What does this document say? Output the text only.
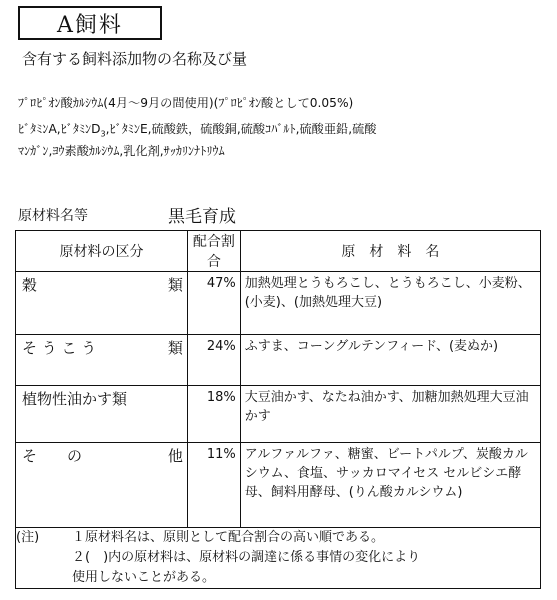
A飼料
含有する飼料添加物の名称及び量
ﾌﾟﾛﾋﾟｵﾝ酸ｶﾙｼｳﾑ(4月～9月の間使用)(ﾌﾟﾛﾋﾟｵﾝ酸として0.05%)
ﾋﾞﾀﾐﾝA,ﾋﾞﾀﾐﾝ$D_3$,ﾋﾞﾀﾐﾝE,硫酸鉄，硫酸銅,硫酸ｺﾊﾞﾙﾄ,硫酸亜鉛,硫酸
ﾏﾝｶﾞﾝ,ﾖｳ素酸ｶﾙｼｳﾑ,乳化剤,ｻｯｶﾘﾝﾅﾄﾘｳﾑ
原材料名等	黒毛育成
原材料の区分	配合割合	原　材　料　名

穀 類	47%	加熱処理とうもろこし、とうもろこし、小麦粉、(小麦)、(加熱処理大豆)

そ う こ う 類	24%	ふすま、コーングルテンフィード、(麦ぬか)

植物性油かす類	18%	大豆油かす、なたね油かす、加糖加熱処理大豆油かす

そ　　の 他	11%	アルファルファ、糖蜜、ビートパルプ、炭酸カルシウム、食塩、サッカロマイセス セルビシエ酵母、飼料用酵母、(りん酸カルシウム)

(注) １原材料名は、原則として配合割合の高い順である。
２(　)内の原材料は、原材料の調達に係る事情の変化により
使用しないことがある。		
